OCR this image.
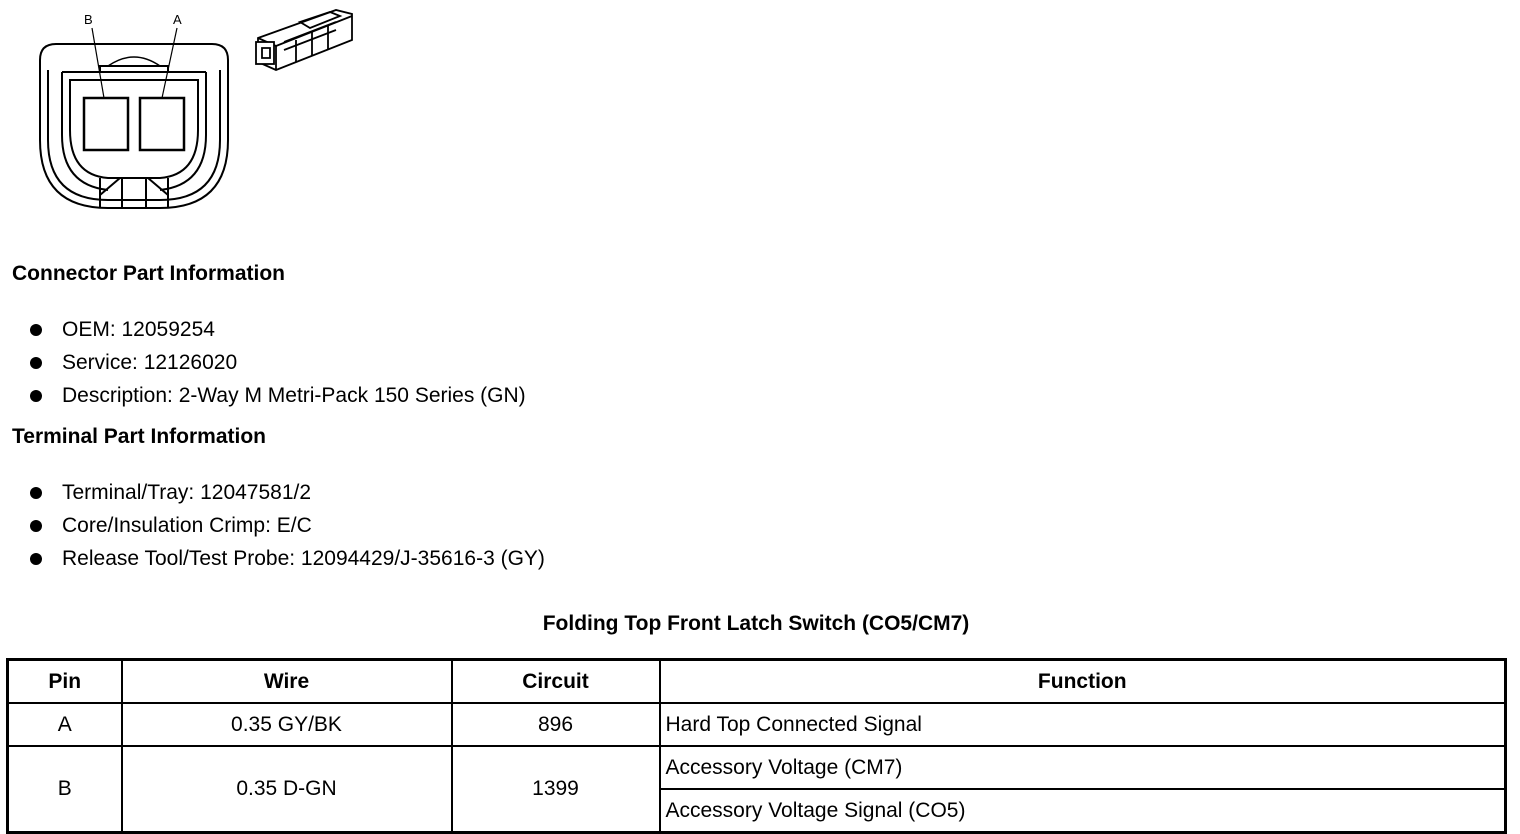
B	A
Connector Part Information
OEM: 12059254
Service: 12126020
Description: 2-Way M Metri-Pack 150 Series (GN)
Terminal Part Information
Terminal/Tray: 12047581/2
Core/Insulation Crimp: E/C
Release Tool/Test Probe: 12094429/J-35616-3 (GY)
Folding Top Front Latch Switch (CO5/CM7)
Pin	Wire	Circuit	Function
A	0.35 GY/BK	896	Hard Top Connected Signal
B	0.35 D-GN	1399	Accessory Voltage (CM7)
			Accessory Voltage Signal (CO5)
